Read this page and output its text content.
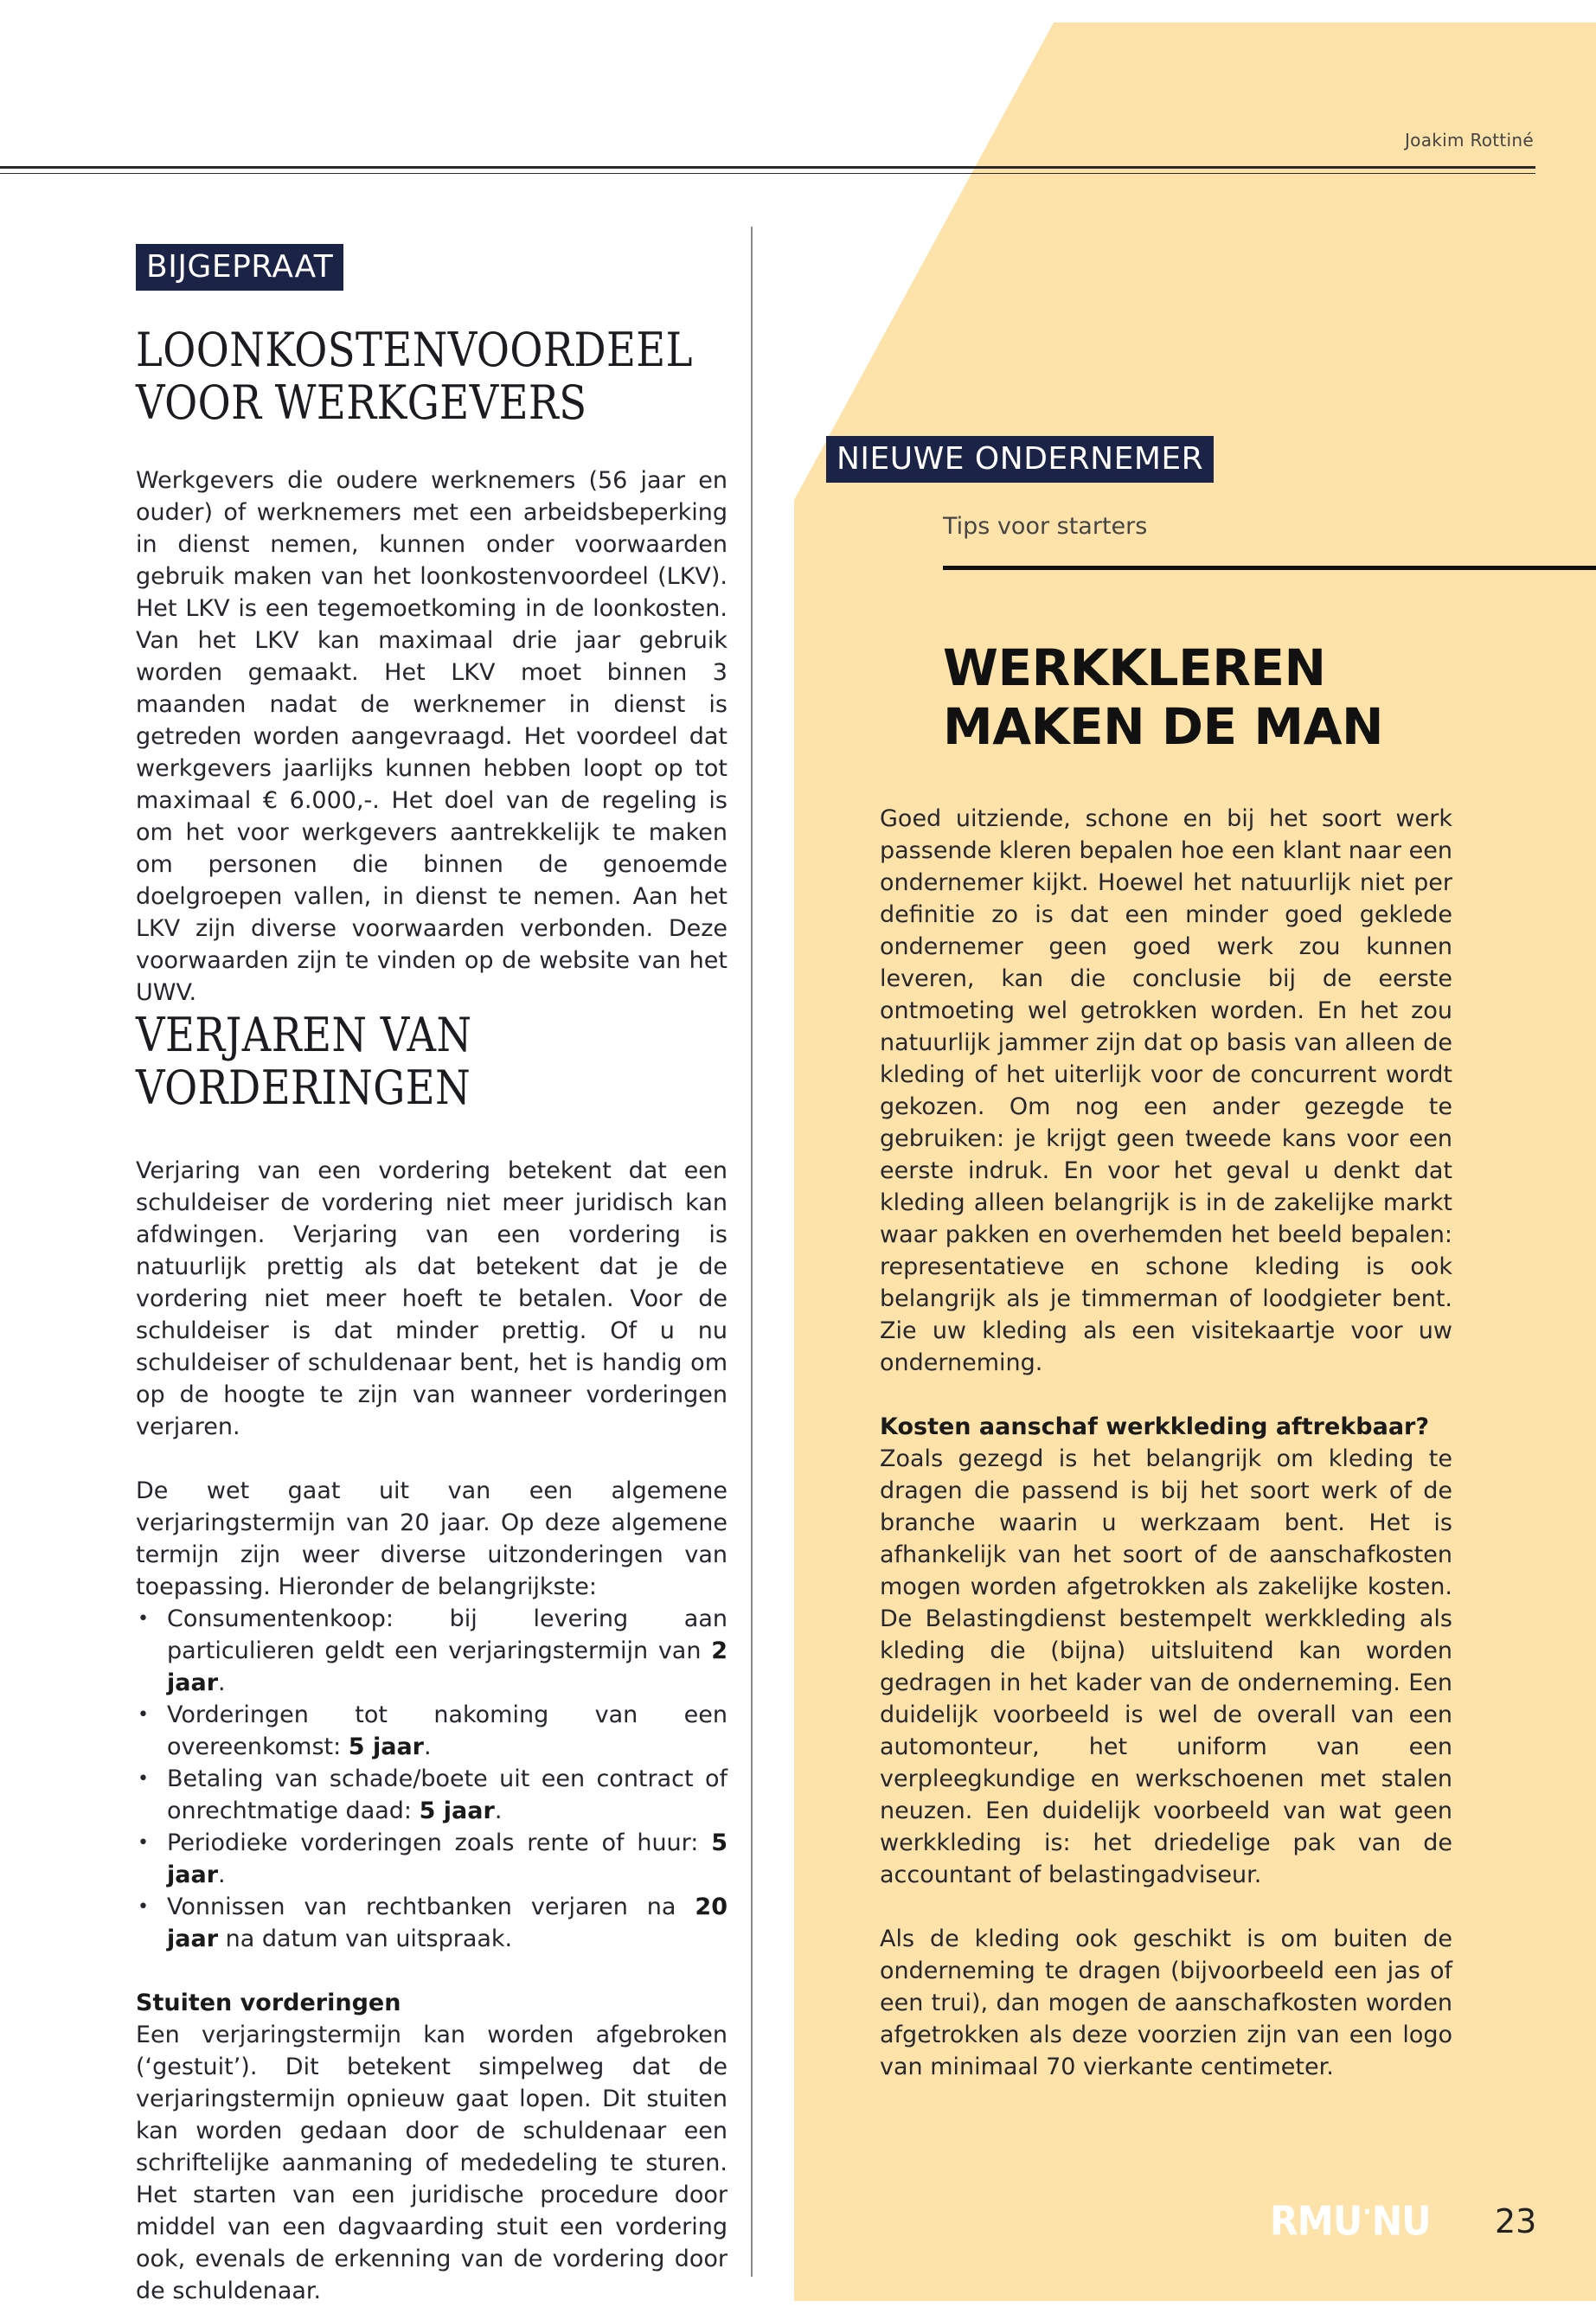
Joakim Rottiné
BIJGEPRAAT
LOONKOSTENVOORDEEL
VOOR WERKGEVERS

Werkgevers die oudere werknemers (56 jaar en ouder) of werknemers met een arbeidsbeperking in dienst nemen, kunnen onder voorwaarden gebruik maken van het loonkostenvoordeel (LKV). Het LKV is een tegemoetkoming in de loonkosten. Van het LKV kan maximaal drie jaar gebruik worden gemaakt. Het LKV moet binnen 3 maanden nadat de werknemer in dienst is getreden worden aangevraagd. Het voordeel dat werkgevers jaarlijks kunnen hebben loopt op tot maximaal € 6.000,-. Het doel van de regeling is om het voor werkgevers aantrekkelijk te maken om personen die binnen de genoemde doelgroepen vallen, in dienst te nemen. Aan het LKV zijn diverse voorwaarden verbonden. Deze voorwaarden zijn te vinden op de website van het UWV.

VERJAREN VAN
VORDERINGEN

Verjaring van een vordering betekent dat een schuldeiser de vordering niet meer juridisch kan afdwingen. Verjaring van een vordering is natuurlijk prettig als dat betekent dat je de vordering niet meer hoeft te betalen. Voor de schuldeiser is dat minder prettig. Of u nu schuldeiser of schuldenaar bent, het is handig om op de hoogte te zijn van wanneer vorderingen verjaren.

De wet gaat uit van een algemene verjaringstermijn van 20 jaar. Op deze algemene termijn zijn weer diverse uitzonderingen van toepassing. Hieronder de belangrijkste:

• Consumentenkoop: bij levering aan particulieren geldt een verjaringstermijn van 2 jaar.
• Vorderingen tot nakoming van een overeenkomst: 5 jaar.
• Betaling van schade/boete uit een contract of onrechtmatige daad: 5 jaar.
• Periodieke vorderingen zoals rente of huur: 5 jaar.
• Vonnissen van rechtbanken verjaren na 20 jaar na datum van uitspraak.

Stuiten vorderingen

Een verjaringstermijn kan worden afgebroken (‘gestuit’). Dit betekent simpelweg dat de verjaringstermijn opnieuw gaat lopen. Dit stuiten kan worden gedaan door de schuldenaar een schriftelijke aanmaning of mededeling te sturen. Het starten van een juridische procedure door middel van een dagvaarding stuit een vordering ook, evenals de erkenning van de vordering door de schuldenaar.

NIEUWE ONDERNEMER
Tips voor starters
WERKKLEREN
MAKEN DE MAN

Goed uitziende, schone en bij het soort werk passende kleren bepalen hoe een klant naar een ondernemer kijkt. Hoewel het natuurlijk niet per definitie zo is dat een minder goed geklede ondernemer geen goed werk zou kunnen leveren, kan die conclusie bij de eerste ontmoeting wel getrokken worden. En het zou natuurlijk jammer zijn dat op basis van alleen de kleding of het uiterlijk voor de concurrent wordt gekozen. Om nog een ander gezegde te gebruiken: je krijgt geen tweede kans voor een eerste indruk. En voor het geval u denkt dat kleding alleen belangrijk is in de zakelijke markt waar pakken en overhemden het beeld bepalen: representatieve en schone kleding is ook belangrijk als je timmerman of loodgieter bent. Zie uw kleding als een visitekaartje voor uw onderneming.

Kosten aanschaf werkkleding aftrekbaar?

Zoals gezegd is het belangrijk om kleding te dragen die passend is bij het soort werk of de branche waarin u werkzaam bent. Het is afhankelijk van het soort of de aanschafkosten mogen worden afgetrokken als zakelijke kosten. De Belastingdienst bestempelt werkkleding als kleding die (bijna) uitsluitend kan worden gedragen in het kader van de onderneming. Een duidelijk voorbeeld is wel de overall van een automonteur, het uniform van een verpleegkundige en werkschoenen met stalen neuzen. Een duidelijk voorbeeld van wat geen werkkleding is: het driedelige pak van de accountant of belastingadviseur.

Als de kleding ook geschikt is om buiten de onderneming te dragen (bijvoorbeeld een jas of een trui), dan mogen de aanschafkosten worden afgetrokken als deze voorzien zijn van een logo van minimaal 70 vierkante centimeter.

RMU·NU 23
